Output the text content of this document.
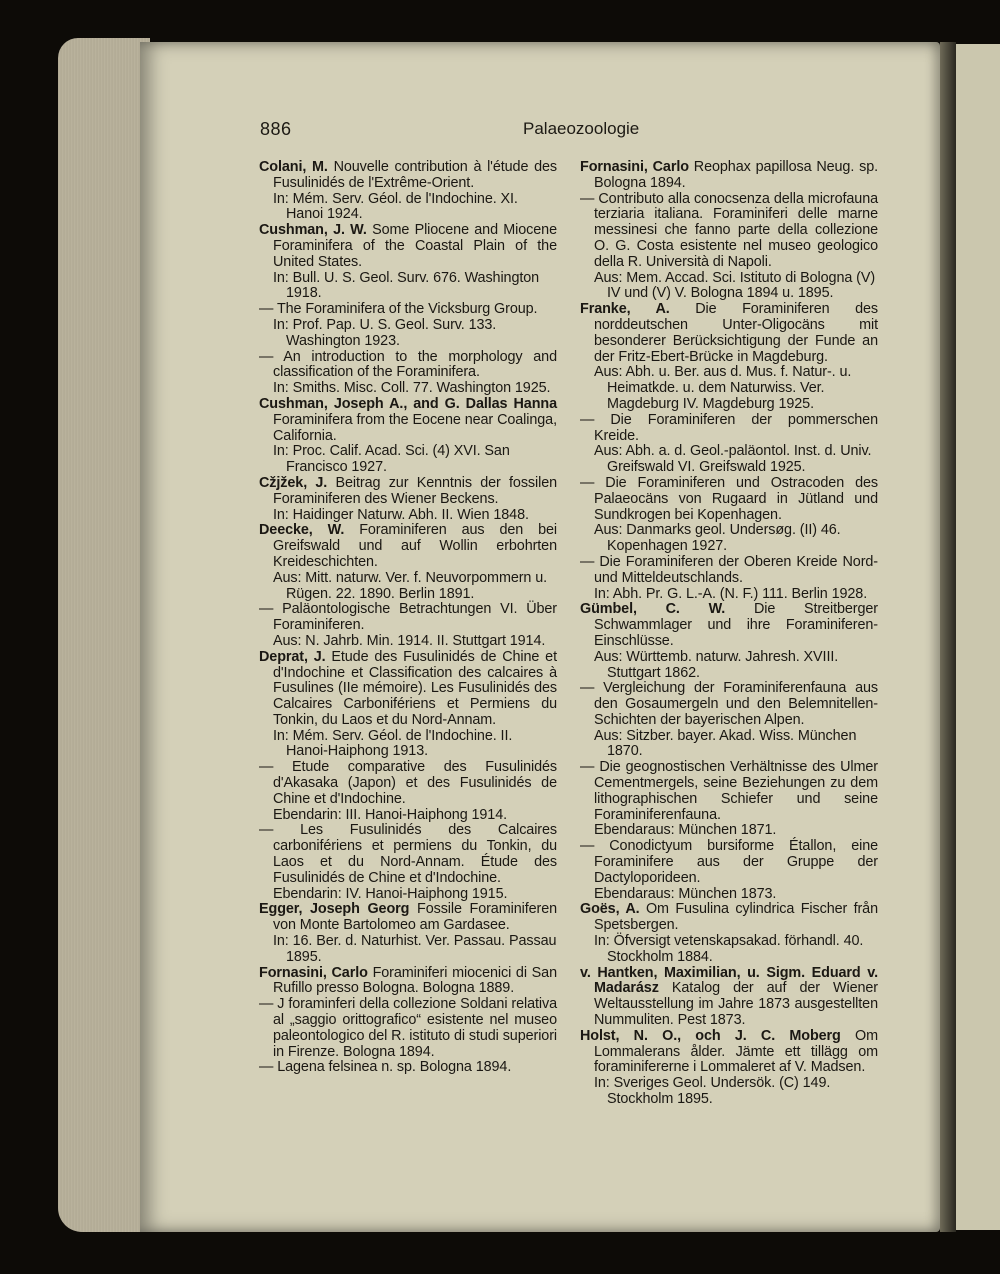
886	Palaeozoologie

Colani, M. Nouvelle contribution à l'étude des Fusulinidés de l'Extrême-Orient.

In: Mém. Serv. Géol. de l'Indochine. XI. Hanoi 1924.

Cushman, J. W. Some Pliocene and Miocene Foraminifera of the Coastal Plain of the United States.

In: Bull. U. S. Geol. Surv. 676. Washington 1918.

— The Foraminifera of the Vicksburg Group.

In: Prof. Pap. U. S. Geol. Surv. 133. Washington 1923.

— An introduction to the morphology and classification of the Foraminifera.

In: Smiths. Misc. Coll. 77. Washington 1925.

Cushman, Joseph A., and G. Dallas Hanna Foraminifera from the Eocene near Coalinga, California.

In: Proc. Calif. Acad. Sci. (4) XVI. San Francisco 1927.

Cžjžek, J. Beitrag zur Kenntnis der fossilen Foraminiferen des Wiener Beckens.

In: Haidinger Naturw. Abh. II. Wien 1848.

Deecke, W. Foraminiferen aus den bei Greifswald und auf Wollin erbohrten Kreideschichten.

Aus: Mitt. naturw. Ver. f. Neuvorpommern u. Rügen. 22. 1890. Berlin 1891.

— Paläontologische Betrachtungen VI. Über Foraminiferen.

Aus: N. Jahrb. Min. 1914. II. Stuttgart 1914.

Deprat, J. Etude des Fusulinidés de Chine et d'Indochine et Classification des calcaires à Fusulines (IIe mémoire). Les Fusulinidés des Calcaires Carbonifériens et Permiens du Tonkin, du Laos et du Nord-Annam.

In: Mém. Serv. Géol. de l'Indochine. II. Hanoi-Haiphong 1913.

— Etude comparative des Fusulinidés d'Akasaka (Japon) et des Fusulinidés de Chine et d'Indochine.

Ebendarin: III. Hanoi-Haiphong 1914.

— Les Fusulinidés des Calcaires carbonifériens et permiens du Tonkin, du Laos et du Nord-Annam. Étude des Fusulinidés de Chine et d'Indochine.

Ebendarin: IV. Hanoi-Haiphong 1915.

Egger, Joseph Georg Fossile Foraminiferen von Monte Bartolomeo am Gardasee.

In: 16. Ber. d. Naturhist. Ver. Passau. Passau 1895.

Fornasini, Carlo Foraminiferi miocenici di San Rufillo presso Bologna. Bologna 1889.

— J foraminferi della collezione Soldani relativa al „saggio orittografico“ esistente nel museo paleontologico del R. istituto di studi superiori in Firenze. Bologna 1894.

— Lagena felsinea n. sp. Bologna 1894.

Fornasini, Carlo Reophax papillosa Neug. sp. Bologna 1894.

— Contributo alla conocsenza della microfauna terziaria italiana. Foraminiferi delle marne messinesi che fanno parte della collezione O. G. Costa esistente nel museo geologico della R. Università di Napoli.

Aus: Mem. Accad. Sci. Istituto di Bologna (V) IV und (V) V. Bologna 1894 u. 1895.

Franke, A. Die Foraminiferen des norddeutschen Unter-Oligocäns mit besonderer Berücksichtigung der Funde an der Fritz-Ebert-Brücke in Magdeburg.

Aus: Abh. u. Ber. aus d. Mus. f. Natur-. u. Heimatkde. u. dem Naturwiss. Ver. Magdeburg IV. Magdeburg 1925.

— Die Foraminiferen der pommerschen Kreide.

Aus: Abh. a. d. Geol.-paläontol. Inst. d. Univ. Greifswald VI. Greifswald 1925.

— Die Foraminiferen und Ostracoden des Palaeocäns von Rugaard in Jütland und Sundkrogen bei Kopenhagen.

Aus: Danmarks geol. Undersøg. (II) 46. Kopenhagen 1927.

— Die Foraminiferen der Oberen Kreide Nord- und Mitteldeutschlands.

In: Abh. Pr. G. L.-A. (N. F.) 111. Berlin 1928.

Gümbel, C. W. Die Streitberger Schwammlager und ihre Foraminiferen-Einschlüsse.

Aus: Württemb. naturw. Jahresh. XVIII. Stuttgart 1862.

— Vergleichung der Foraminiferenfauna aus den Gosaumergeln und den Belemnitellen-Schichten der bayerischen Alpen.

Aus: Sitzber. bayer. Akad. Wiss. München 1870.

— Die geognostischen Verhältnisse des Ulmer Cementmergels, seine Beziehungen zu dem lithographischen Schiefer und seine Foraminiferenfauna.

Ebendaraus: München 1871.

— Conodictyum bursiforme Étallon, eine Foraminifere aus der Gruppe der Dactyloporideen.

Ebendaraus: München 1873.

Goës, A. Om Fusulina cylindrica Fischer från Spetsbergen.

In: Öfversigt vetenskapsakad. förhandl. 40. Stockholm 1884.

v. Hantken, Maximilian, u. Sigm. Eduard v. Madarász Katalog der auf der Wiener Weltausstellung im Jahre 1873 ausgestellten Nummuliten. Pest 1873.

Holst, N. O., och J. C. Moberg Om Lommalerans ålder. Jämte ett tillägg om foraminifererne i Lommaleret af V. Madsen.

In: Sveriges Geol. Undersök. (C) 149. Stockholm 1895.
